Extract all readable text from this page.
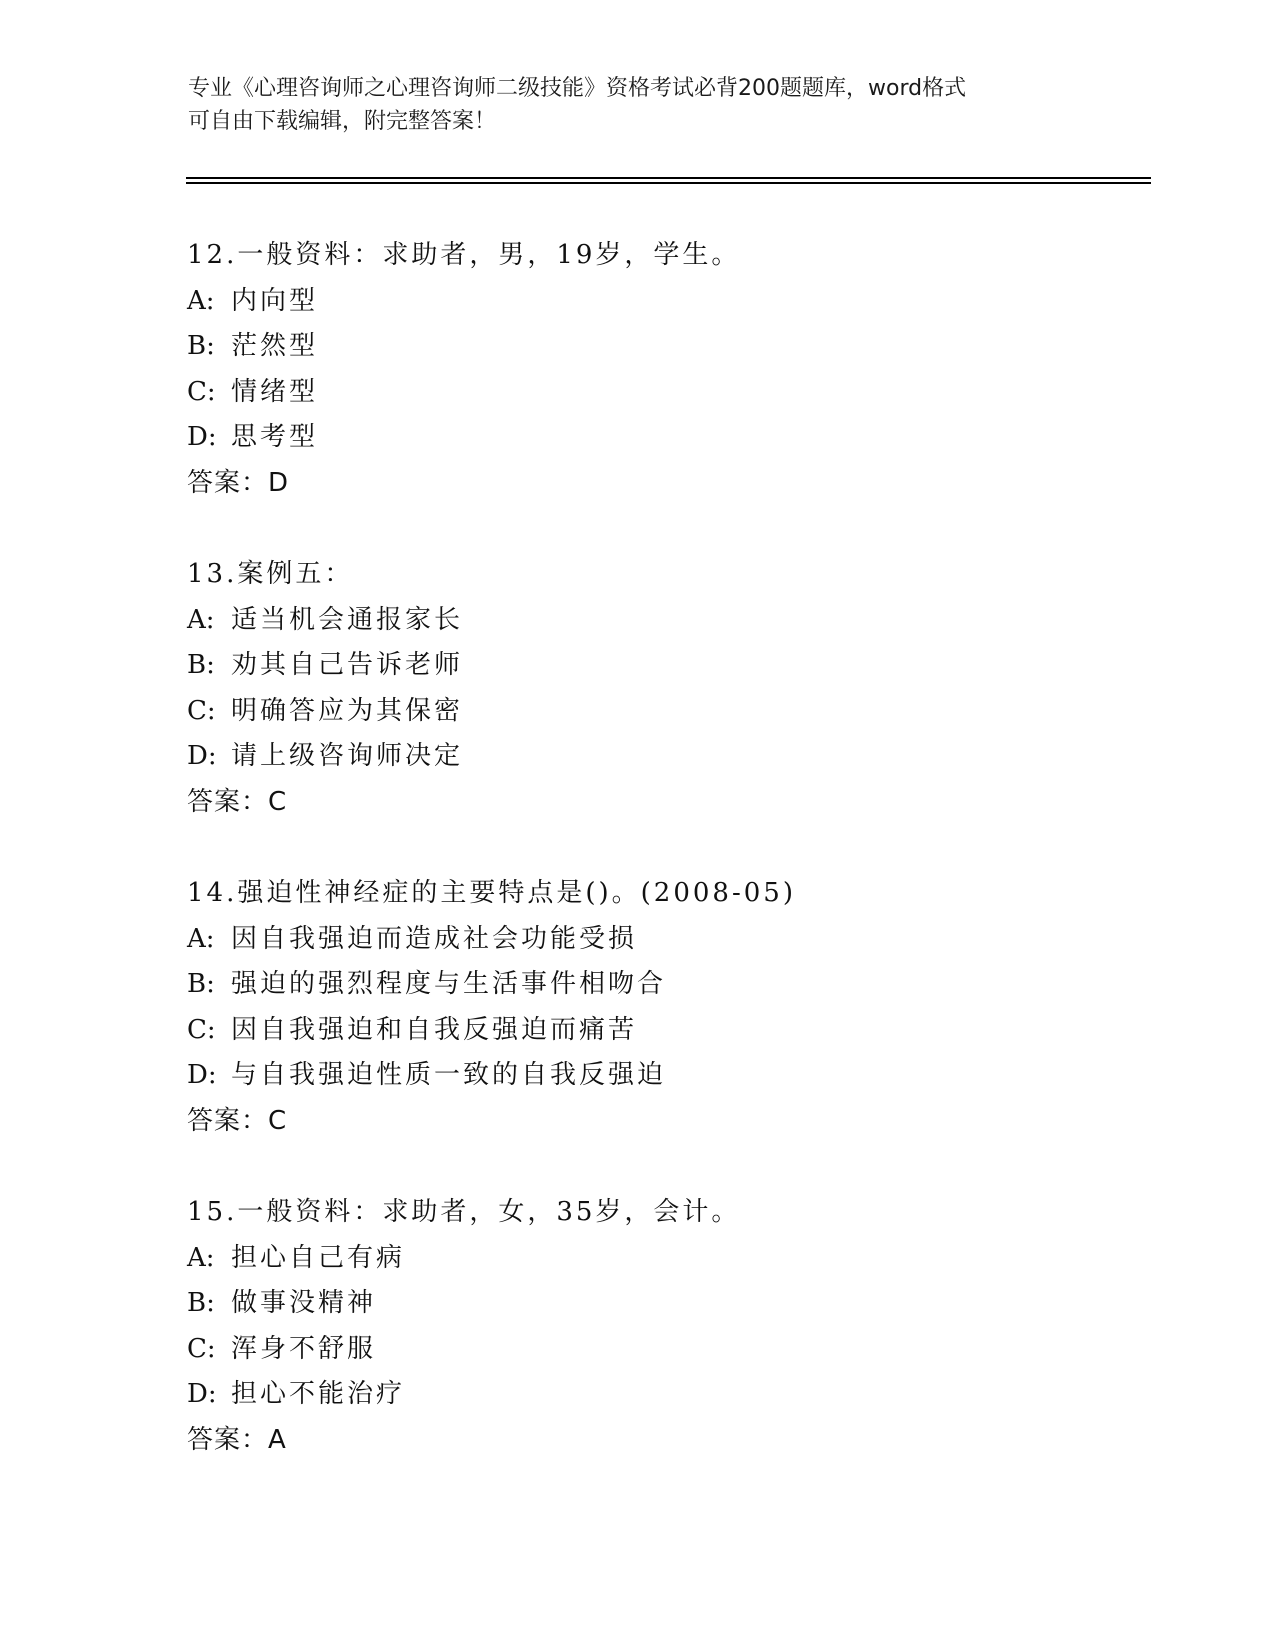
专业《心理咨询师之心理咨询师二级技能》资格考试必背200题题库，word格式
可自由下载编辑，附完整答案！
12.一般资料：求助者，男，19岁，学生。
A: 内向型
B: 茫然型
C: 情绪型
D: 思考型
答案：D
13.案例五：
A: 适当机会通报家长
B: 劝其自己告诉老师
C: 明确答应为其保密
D: 请上级咨询师决定
答案：C
14.强迫性神经症的主要特点是()。(2008-05)
A: 因自我强迫而造成社会功能受损
B: 强迫的强烈程度与生活事件相吻合
C: 因自我强迫和自我反强迫而痛苦
D: 与自我强迫性质一致的自我反强迫
答案：C
15.一般资料：求助者，女，35岁，会计。
A: 担心自己有病
B: 做事没精神
C: 浑身不舒服
D: 担心不能治疗
答案：A
